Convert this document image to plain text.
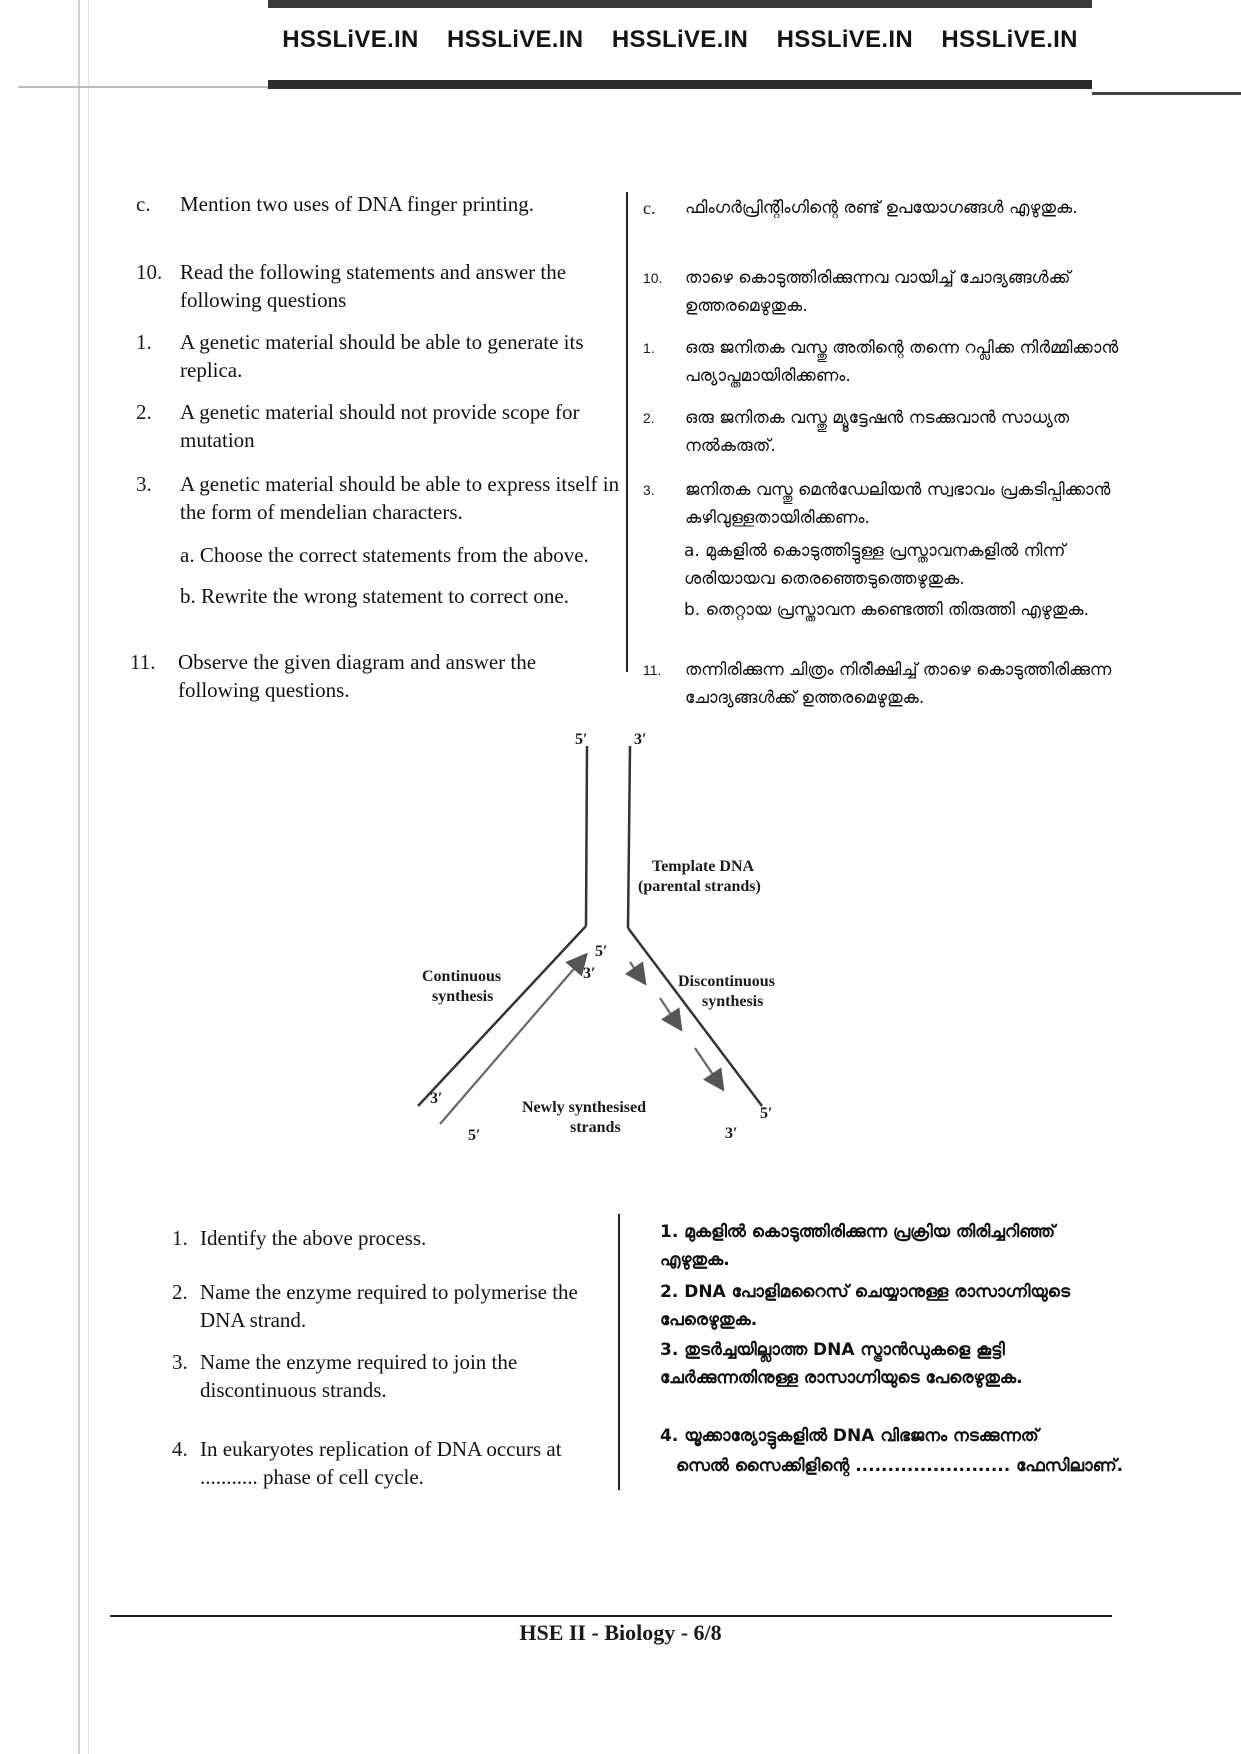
HSSLiVE.IN HSSLiVE.IN HSSLiVE.IN HSSLiVE.IN HSSLiVE.IN
c.	Mention two uses of DNA finger printing.	c.	ഫിംഗർപ്രിന്റിംഗിന്റെ രണ്ട് ഉപയോഗങ്ങൾ എഴുതുക.
10. Read the following statements and answer the following questions
1.	A genetic material should be able to generate its replica.
2.	A genetic material should not provide scope for mutation
3.	A genetic material should be able to express itself in the form of mendelian characters.
a. Choose the correct statements from the above.
b. Rewrite the wrong statement to correct one.
10.	താഴെ കൊടുത്തിരിക്കുന്നവ വായിച്ച് ചോദ്യങ്ങൾക്ക് ഉത്തരമെഴുതുക.
1.	ഒരു ജനിതക വസ്തു അതിന്റെ തന്നെ റപ്ലിക്ക നിർമ്മിക്കാൻ പര്യാപ്തമായിരിക്കണം.
2.	ഒരു ജനിതക വസ്തു മ്യൂട്ടേഷൻ നടക്കുവാൻ സാധ്യത നൽകരുത്.
3.	ജനിതക വസ്തു മെൻഡേലിയൻ സ്വഭാവം പ്രകടിപ്പിക്കാൻ കഴിവുള്ളതായിരിക്കണം.
a. മുകളിൽ കൊടുത്തിട്ടുള്ള പ്രസ്താവനകളിൽ നിന്ന് ശരിയായവ തെരഞ്ഞെടുത്തെഴുതുക.
b. തെറ്റായ പ്രസ്താവന കണ്ടെത്തി തിരുത്തി എഴുതുക.
11.	Observe the given diagram and answer the following questions.
11.	തന്നിരിക്കുന്ന ചിത്രം നിരീക്ഷിച്ച് താഴെ കൊടുത്തിരിക്കുന്ന ചോദ്യങ്ങൾക്ക് ഉത്തരമെഴുതുക.
5′	3′
5′
3′
3′
5′
5′
3′
Template DNA
(parental strands)
Continuous
synthesis
Discontinuous
synthesis
Newly synthesised
strands
1. Identify the above process.
2. Name the enzyme required to polymerise the DNA strand.
3. Name the enzyme required to join the discontinuous strands.
4. In eukaryotes replication of DNA occurs at
........... phase of cell cycle.
1. മുകളിൽ കൊടുത്തിരിക്കുന്ന പ്രക്രിയ തിരിച്ചറിഞ്ഞ് എഴുതുക.
2. DNA പോളിമറൈസ് ചെയ്യാനുള്ള രാസാഗ്നിയുടെ പേരെഴുതുക.
3. തുടർച്ചയില്ലാത്ത DNA സ്ട്രാൻഡുകളെ കൂട്ടി ചേർക്കുന്നതിനുള്ള രാസാഗ്നിയുടെ പേരെഴുതുക.
4. യൂക്കാര്യോട്ടുകളിൽ DNA വിഭജനം നടക്കുന്നത്
സെൽ സൈക്കിളിന്റെ ........................ ഫേസിലാണ്.
HSE II - Biology - 6/8
